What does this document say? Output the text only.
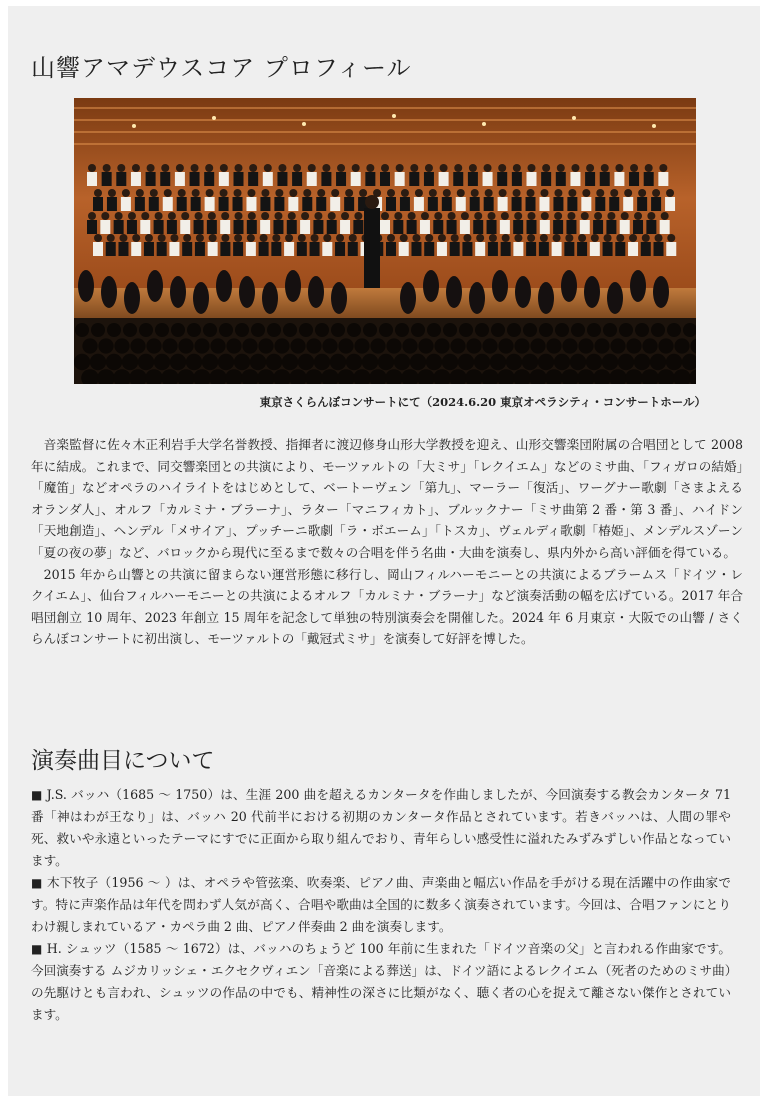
山響アマデウスコア プロフィール
東京さくらんぼコンサートにて（2024.6.20 東京オペラシティ・コンサートホール）

音楽監督に佐々木正利岩手大学名誉教授、指揮者に渡辺修身山形大学教授を迎え、山形交響楽団附属の合唱団として 2008 年に結成。これまで、同交響楽団との共演により、モーツァルトの「大ミサ」「レクイエム」などのミサ曲、「フィガロの結婚」「魔笛」などオペラのハイライトをはじめとして、ベートーヴェン「第九」、マーラー「復活」、ワーグナー歌劇「さまよえるオランダ人」、オルフ「カルミナ・ブラーナ」、ラター「マニフィカト」、ブルックナー「ミサ曲第 2 番・第 3 番」、ハイドン「天地創造」、ヘンデル「メサイア」、プッチーニ歌劇「ラ・ボエーム」「トスカ」、ヴェルディ歌劇「椿姫」、メンデルスゾーン「夏の夜の夢」など、バロックから現代に至るまで数々の合唱を伴う名曲・大曲を演奏し、県内外から高い評価を得ている。

2015 年から山響との共演に留まらない運営形態に移行し、岡山フィルハーモニーとの共演によるブラームス「ドイツ・レクイエム」、仙台フィルハーモニーとの共演によるオルフ「カルミナ・ブラーナ」など演奏活動の幅を広げている。2017 年合唱団創立 10 周年、2023 年創立 15 周年を記念して単独の特別演奏会を開催した。2024 年 6 月東京・大阪での山響 / さくらんぼコンサートに初出演し、モーツァルトの「戴冠式ミサ」を演奏して好評を博した。

演奏曲目について

■ J.S. バッハ（1685 〜 1750）は、生涯 200 曲を超えるカンタータを作曲しましたが、今回演奏する教会カンタータ 71 番「神はわが王なり」は、バッハ 20 代前半における初期のカンタータ作品とされています。若きバッハは、人間の罪や死、救いや永遠といったテーマにすでに正面から取り組んでおり、青年らしい感受性に溢れたみずみずしい作品となっています。

■ 木下牧子（1956 〜 ）は、オペラや管弦楽、吹奏楽、ピアノ曲、声楽曲と幅広い作品を手がける現在活躍中の作曲家です。特に声楽作品は年代を問わず人気が高く、合唱や歌曲は全国的に数多く演奏されています。今回は、合唱ファンにとりわけ親しまれているア・カペラ曲 2 曲、ピアノ伴奏曲 2 曲を演奏します。

■ H. シュッツ（1585 〜 1672）は、バッハのちょうど 100 年前に生まれた「ドイツ音楽の父」と言われる作曲家です。今回演奏する ムジカリッシェ・エクセクヴィエン「音楽による葬送」は、ドイツ語によるレクイエム（死者のためのミサ曲）の先駆けとも言われ、シュッツの作品の中でも、精神性の深さに比類がなく、聴く者の心を捉えて離さない傑作とされています。
